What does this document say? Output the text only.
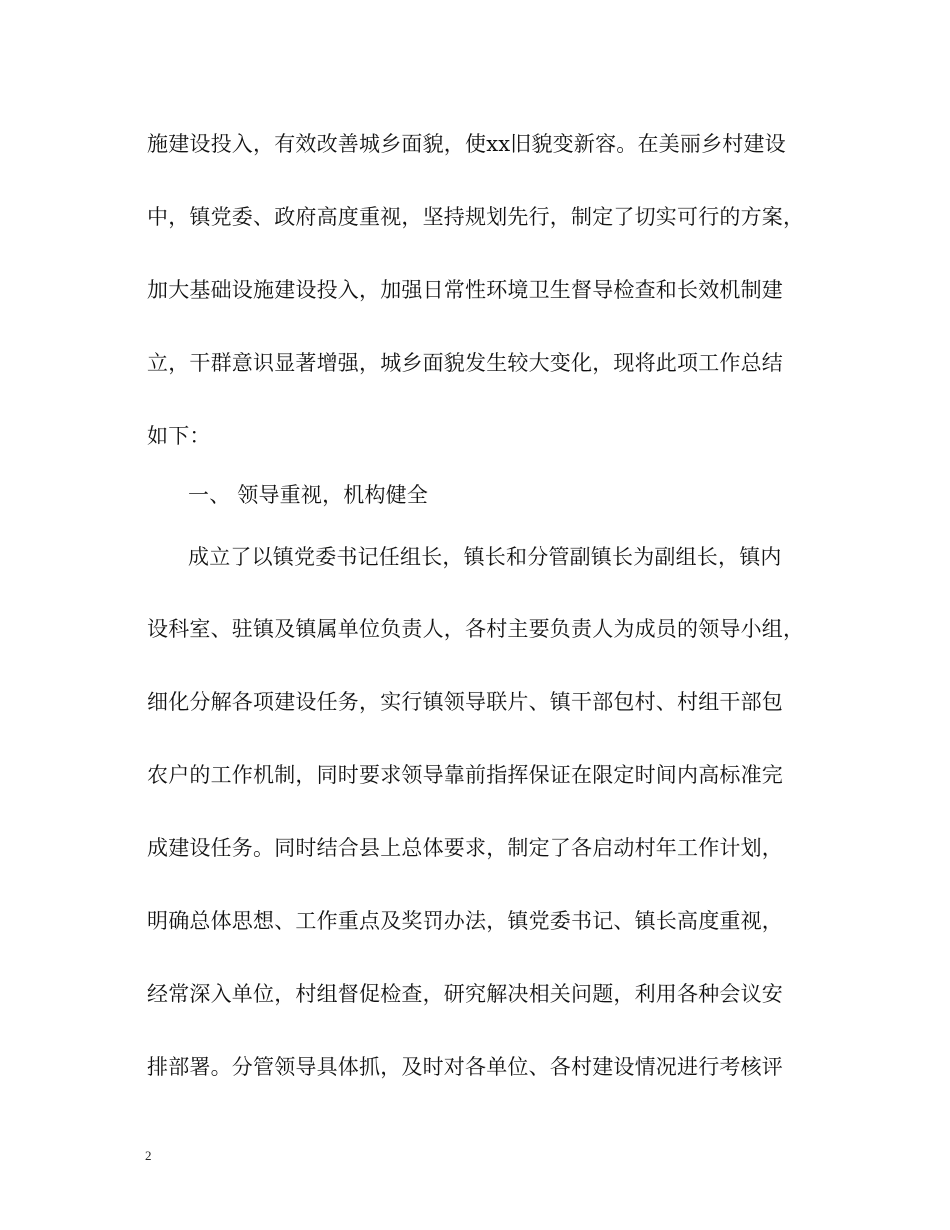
施建设投入，有效改善城乡面貌，使xx旧貌变新容。在美丽乡村建设
中，镇党委、政府高度重视，坚持规划先行，制定了切实可行的方案，
加大基础设施建设投入，加强日常性环境卫生督导检查和长效机制建
立，干群意识显著增强，城乡面貌发生较大变化，现将此项工作总结
如下：
一、 领导重视，机构健全
成立了以镇党委书记任组长，镇长和分管副镇长为副组长，镇内
设科室、驻镇及镇属单位负责人，各村主要负责人为成员的领导小组，
细化分解各项建设任务，实行镇领导联片、镇干部包村、村组干部包
农户的工作机制，同时要求领导靠前指挥保证在限定时间内高标准完
成建设任务。同时结合县上总体要求，制定了各启动村年工作计划，
明确总体思想、工作重点及奖罚办法，镇党委书记、镇长高度重视，
经常深入单位，村组督促检查，研究解决相关问题，利用各种会议安
排部署。分管领导具体抓，及时对各单位、各村建设情况进行考核评
2
